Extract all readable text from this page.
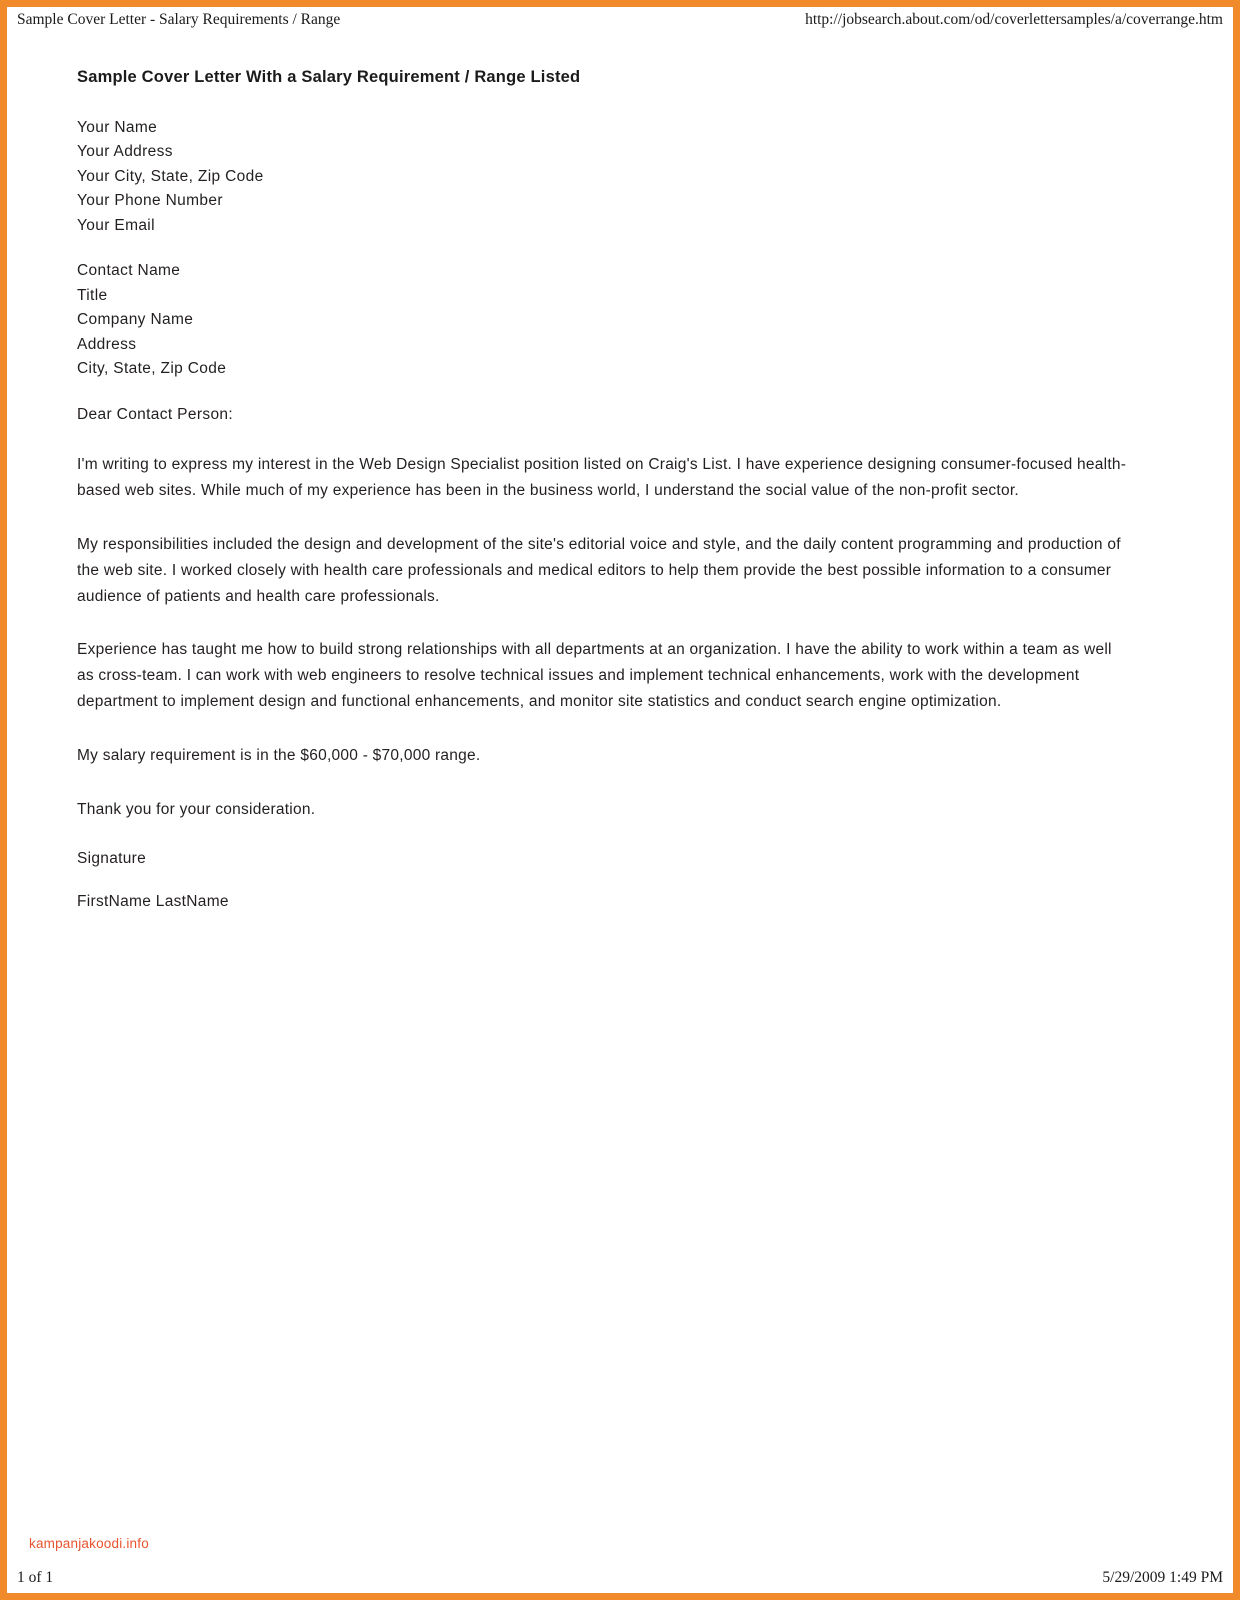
Sample Cover Letter - Salary Requirements / Range	http://jobsearch.about.com/od/coverlettersamples/a/coverrange.htm
Sample Cover Letter With a Salary Requirement / Range Listed
Your Name
Your Address
Your City, State, Zip Code
Your Phone Number
Your Email
Contact Name
Title
Company Name
Address
City, State, Zip Code
Dear Contact Person:

I'm writing to express my interest in the Web Design Specialist position listed on Craig's List. I have experience designing consumer-focused health-based web sites. While much of my experience has been in the business world, I understand the social value of the non-profit sector.

My responsibilities included the design and development of the site's editorial voice and style, and the daily content programming and production of the web site. I worked closely with health care professionals and medical editors to help them provide the best possible information to a consumer audience of patients and health care professionals.

Experience has taught me how to build strong relationships with all departments at an organization. I have the ability to work within a team as well as cross-team. I can work with web engineers to resolve technical issues and implement technical enhancements, work with the development department to implement design and functional enhancements, and monitor site statistics and conduct search engine optimization.

My salary requirement is in the $60,000 - $70,000 range.

Thank you for your consideration.

Signature
FirstName LastName
kampanjakoodi.info
1 of 1	5/29/2009 1:49 PM
